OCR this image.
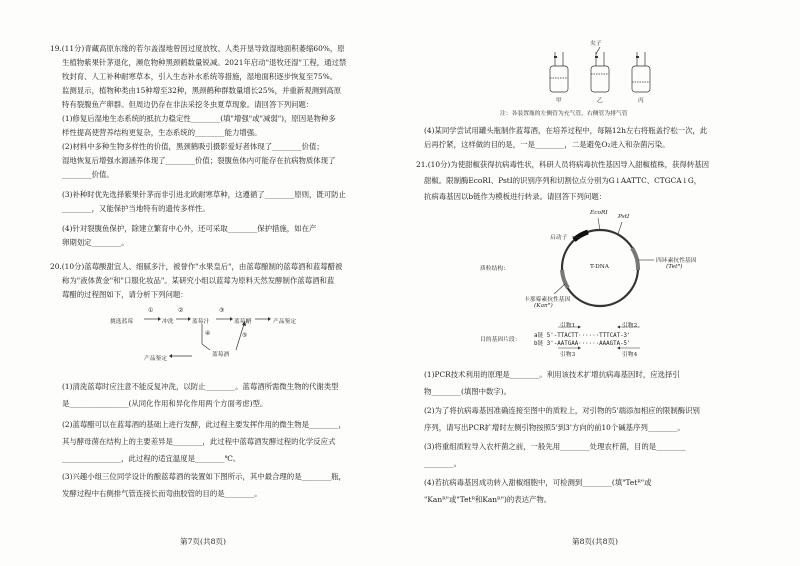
19.(11分)青藏高原东缘的若尔盖湿地曾因过度放牧、人类开垦导致湿地面积萎缩60%，原
生植物紫果针茅退化，濒危物种黑颈鹤数量锐减。2021年启动"退牧还湿"工程，通过禁
牧封育、人工补种耐寒草本，引入生态补水系统等措施，湿地面积逐步恢复至75%。
监测显示，植物种类由15种增至32种，黑颈鹤种群数量增长25%，并重新观测到高原
特有裂腹鱼产卵群。但周边仍存在非法采挖冬虫夏草现象。请回答下列问题：
(1)修复后湿地生态系统的抵抗力稳定性________(填"增强"或"减弱")，原因是物种多
样性提高使营养结构更复杂，生态系统的________能力增强。
(2)材料中多种生物多样性的价值，黑颈鹤吸引摄影爱好者体现了________价值；
湿地恢复后增强水源涵养体现了________价值；裂腹鱼体内可能存在抗病物质体现了
________价值。
(3)补种时优先选择紫果针茅而非引进北欧耐寒草种，这遵循了________原则，既可防止
________，又能保护当地特有的遗传多样性。
(4)针对裂腹鱼保护，除建立繁育中心外，还可采取________保护措施，如在产
卵期划定________。
20.(10分)蓝莓酸甜宜人、细腻多汁，被誉作"水果皇后"，由蓝莓酿制的蓝莓酒和蓝莓醋被
称为"液体黄金"和"口服化妆品"。某研究小组以蓝莓为原料天然发酵制作蓝莓酒和蓝
莓醋的过程图如下，请分析下列问题：
挑选蓝莓	冲洗	蓝莓汁	蓝莓醋	产品鉴定
产品鉴定
蓝莓酒
①	②	③
④	⑤
(1)清洗蓝莓时应注意不能反复冲洗，以防止________。蓝莓酒所需微生物的代谢类型
是________________(从同化作用和异化作用两个方面考虑)型。
(2)蓝莓醋可以在蓝莓酒的基础上进行发酵，此过程主要发挥作用的微生物是________，
其与酵母菌在结构上的主要差异是________，此过程中蓝莓酒发酵过程的化学反应式
________________，此过程的适宜温度是________℃。
(3)兴趣小组三位同学设计的酿蓝莓酒的装置如下图所示，其中最合理的是________瓶，
发酵过程中右侧排气管连接长而弯曲胶管的目的是________。
第7页(共8页)
夹子
甲	乙	丙
注：各装置瓶的左侧管为充气管，右侧管为排气管
(4)某同学尝试用罐头瓶制作蓝莓酒，在培养过程中，每隔12h左右将瓶盖拧松一次，此
后再拧紧，这样做的目的是，一是________，二是避免O₂进入和杂菌污染。
21.(10分)为使甜椒获得抗病毒性状，科研人员将病毒抗性基因导入甜椒植株，获得转基因
甜椒。限制酶EcoRⅠ、PstⅠ的识别序列和切割位点分别为G↓AATTC、CTGCA↓G，
抗病毒基因以b链作为模板进行转录。请回答下列问题：
质粒结构：
EcoRⅠ
PstⅠ
启动子
T-DNA
四环素抗性基因
(Tetᴿ)
卡那霉素抗性基因
(Kanᴿ)
目的基因片段：
引物1	引物2
a链 5'-TTACTT······TTTCAT-3'
b链 3'-AATGAA······AAAGTA-5'
引物3	引物4
(1)PCR技术利用的原理是________。利用该技术扩增抗病毒基因时，应选择引
物________(填图中数字)。
(2)为了将抗病毒基因准确连接至图中的质粒上，对引物的5'端添加相应的限制酶识别
序列，请写出PCR扩增时左侧引物按照5'到3'方向的前10个碱基序列________。
(3)将重组质粒导入农杆菌之前，一般先用________处理农杆菌，目的是________
________。
(4)若抗病毒基因成功转入甜椒细胞中，可检测到________(填"Tetᴿ"或
"Kanᴿ"或"Tetᴿ和Kanᴿ")的表达产物。
第8页(共8页)
